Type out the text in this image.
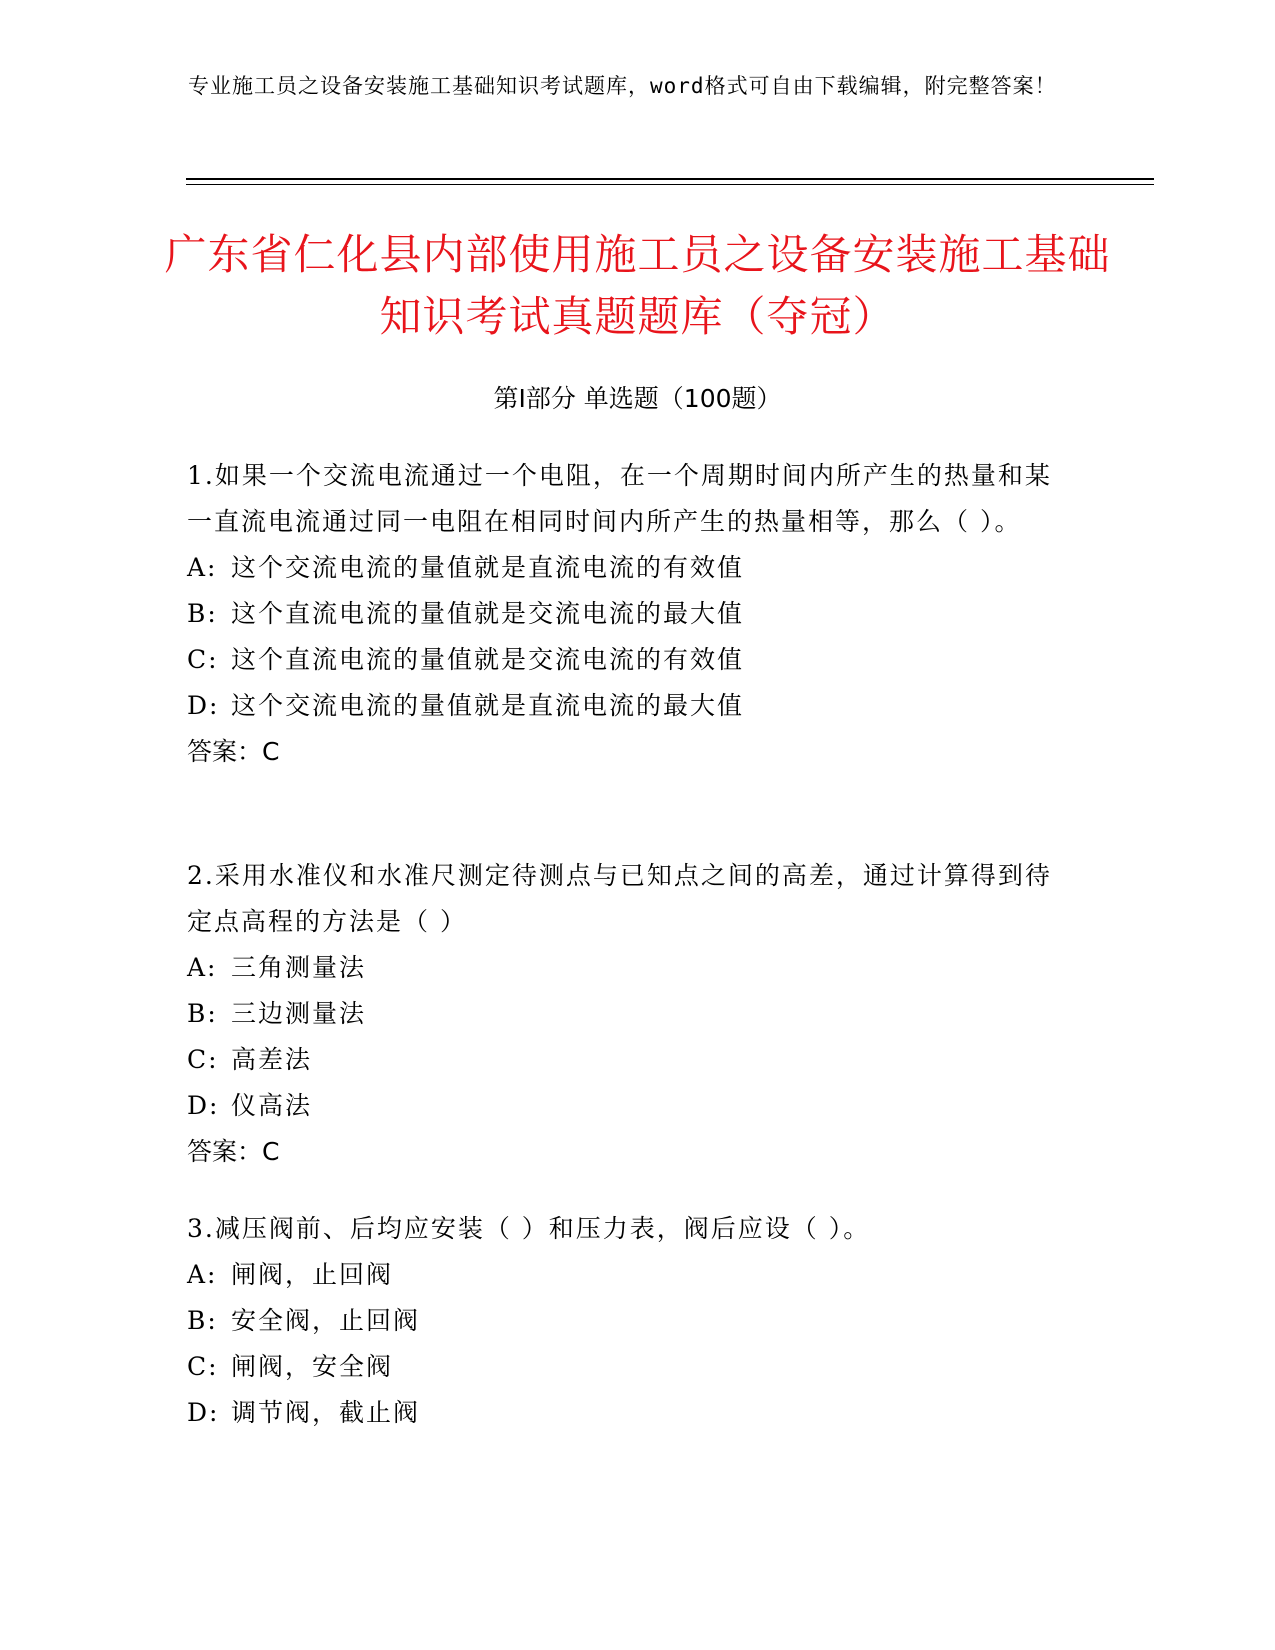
专业施工员之设备安装施工基础知识考试题库，word格式可自由下载编辑，附完整答案！
广东省仁化县内部使用施工员之设备安装施工基础知识考试真题题库（夺冠）
第Ⅰ部分 单选题（100题）
1.如果一个交流电流通过一个电阻，在一个周期时间内所产生的热量和某一直流电流通过同一电阻在相同时间内所产生的热量相等，那么（ ）。
A: 这个交流电流的量值就是直流电流的有效值
B: 这个直流电流的量值就是交流电流的最大值
C: 这个直流电流的量值就是交流电流的有效值
D: 这个交流电流的量值就是直流电流的最大值
答案：C
2.采用水准仪和水准尺测定待测点与已知点之间的高差，通过计算得到待定点高程的方法是（ ）
A: 三角测量法
B: 三边测量法
C: 高差法
D: 仪高法
答案：C
3.减压阀前、后均应安装（ ）和压力表，阀后应设（ ）。
A: 闸阀，止回阀
B: 安全阀，止回阀
C: 闸阀，安全阀
D: 调节阀，截止阀
